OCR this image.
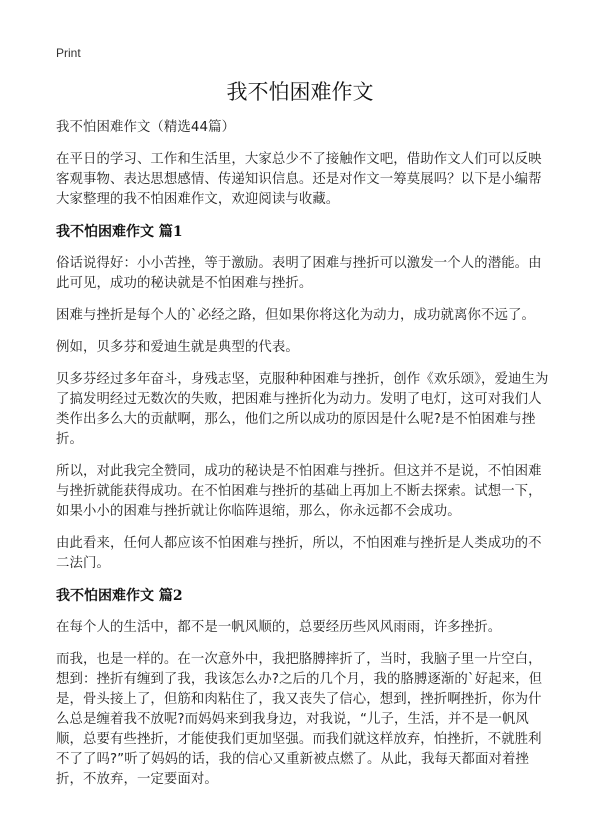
Print
我不怕困难作文

我不怕困难作文（精选44篇）

在平日的学习、工作和生活里，大家总少不了接触作文吧，借助作文人们可以反映客观事物、表达思想感情、传递知识信息。还是对作文一筹莫展吗？以下是小编帮大家整理的我不怕困难作文，欢迎阅读与收藏。

我不怕困难作文 篇1

俗话说得好：小小苦挫，等于激励。表明了困难与挫折可以激发一个人的潜能。由此可见，成功的秘诀就是不怕困难与挫折。

困难与挫折是每个人的`必经之路，但如果你将这化为动力，成功就离你不远了。

例如，贝多芬和爱迪生就是典型的代表。

贝多芬经过多年奋斗，身残志坚，克服种种困难与挫折，创作《欢乐颂》，爱迪生为了搞发明经过无数次的失败，把困难与挫折化为动力。发明了电灯，这可对我们人类作出多么大的贡献啊，那么，他们之所以成功的原因是什么呢?是不怕困难与挫折。

所以，对此我完全赞同，成功的秘诀是不怕困难与挫折。但这并不是说，不怕困难与挫折就能获得成功。在不怕困难与挫折的基础上再加上不断去探索。试想一下，如果小小的困难与挫折就让你临阵退缩，那么，你永远都不会成功。

由此看来，任何人都应该不怕困难与挫折，所以，不怕困难与挫折是人类成功的不二法门。

我不怕困难作文 篇2

在每个人的生活中，都不是一帆风顺的，总要经历些风风雨雨，许多挫折。

而我，也是一样的。在一次意外中，我把胳膊摔折了，当时，我脑子里一片空白，想到：挫折有缠到了我，我该怎么办?之后的几个月，我的胳膊逐渐的`好起来，但是，骨头接上了，但筋和肉粘住了，我又丧失了信心，想到，挫折啊挫折，你为什么总是缠着我不放呢?而妈妈来到我身边，对我说，“儿子，生活，并不是一帆风顺，总要有些挫折，才能使我们更加坚强。而我们就这样放弃，怕挫折，不就胜利不了了吗?”听了妈妈的话，我的信心又重新被点燃了。从此，我每天都面对着挫折，不放弃，一定要面对。
